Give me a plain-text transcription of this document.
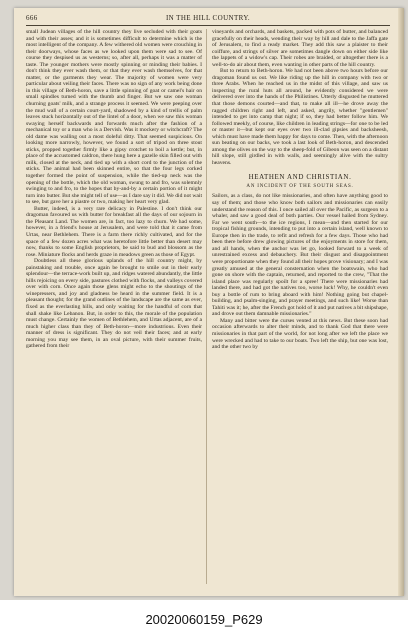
666	IN THE HILL COUNTRY.

small Judean villages of the hill country they live secluded with their goats and with their asses; and it is sometimes difficult to determine which is the most intelligent of the company. A few withered old women were crouching in their doorways, whose faces as we looked upon them were sad to see. Of course they despised us as westerns; so, after all, perhaps it was a matter of taste. The younger mothers were mostly spinning or minding their babies. I don't think they ever wash them, or that they ever wash themselves, for that matter, or the garments they wear. The majority of women were very particular about veiling their faces. There was no sign of any work being done in this village of Beth-horon, save a little spinning of goat or camel's hair on small spindles turned with the thumb and finger. But we saw one woman churning goats' milk, and a strange process it seemed. We were peeping over the mud wall of a certain court-yard, shadowed by a kind of trellis of palm leaves stuck horizontally out of the lintel of a door, when we saw this woman swaying herself backwards and forwards much after the fashion of a mechanical toy or a man who is a Dervish. Was it mockery or witchcraft? The old dame was walling out a most doleful ditty. That seemed suspicious. On looking more narrowly, however, we found a sort of tripod on three stout sticks, propped together firmly like a gipsy crotchet to boil a kettle; but, in place of the accustomed caldron, there hung here a gazelle skin filled out with milk, closed at the neck, and tied up with a short cord to the junction of the sticks. The animal had been skinned entire, so that the four legs corked together formed the point of suspension, while the tied-up neck was the opening of the bottle, which the old woman, swung to and fro, was solemnly swinging to and fro, to the hopes that by-and-by a certain portion of it might turn into butter. But she might tell of use—as I dare say it did. We did not wait to see, but gave her a piastre or two, making her heart very glad.

Butter, indeed, is a very rare delicacy in Palestine. I don't think our dragoman favoured us with butter for breakfast all the days of our sojourn in the Pleasant Land. The women are, in fact, too lazy to churn. We had some, however, in a friend's house at Jerusalem, and were told that it came from Urtas, near Bethlehem. There is a farm there richly cultivated, and for the space of a few dozen acres what was heretofore little better than desert may now, thanks to some English proprietors, be said to bud and blossom as the rose. Miniature flocks and herds graze in meadows green as those of Egypt.

Doubtless all these glorious uplands of the hill country might, by painstaking and trouble, once again be brought to smile out in their early splendour—the terrace-work built up, and ridges watered abundantly, the little hills rejoicing on every side, pastures clothed with flocks, and valleys covered over with corn. Once again those glens might echo to the shoutings of the winepressers, and joy and gladness be heard in the summer field. It is a pleasant thought; for the grand outlines of the landscape are the same as ever, fixed as the everlasting hills, and only waiting for the handful of corn that shall shake like Lebanon. But, in order to this, the morale of the population must change. Certainly the women of Bethlehem, and Urtas adjacent, are of a much higher class than they of Beth-horon—more industrious. Even their manner of dress is significant. They do not veil their faces; and at early morning you may see them, in an oval picture, with their summer fruits, gathered from their

vineyards and orchards, and baskets, packed with pots of butter, and balanced gracefully on their heads, wending their way by hill and dale to the Jaffa gate of Jerusalem, to find a ready market. They add this saw a plaister to their coiffure, and strings of silver are sometimes dangle down on either side like the lappets of a widow's cap. Their robes are braided, or altogether there is a well-to-do air about them, even wanting in other parts of the hill country.

But to return to Beth-horon. We had not been above two hours before our dragoman found us out. We like riding up the hill in company with two or three Arabs. When he reached us in the midst of this village, and saw us inspecting the rural huts all around, he evidently considered we were delivered over into the hands of the Philistines. Utterly disgusted he muttered that those demons courted—and that, to make all ill—he drove away the ragged children right and left, and asked, angrily, whether "gentlemen" intended to get into camp that night; if so, they had better follow him. We followed meekly, of course, like children in leading strings—for one to be led or master it—but kept our eyes over two ill-clad gipsies and backsheesh, which must have made them happy for days to come. Then, with the afternoon sun beating on our backs, we took a last look of Beth-horon, and descended among the olives on the way to the sheep-fold of Gibeon was seen on a distant hill slope, still girdled in with walls, and seemingly alive with the sultry heavens.

HEATHEN AND CHRISTIAN.
AN INCIDENT OF THE SOUTH SEAS.

Sailors, as a class, do not like missionaries, and often have anything good to say of them; and those who know both sailors and missionaries can easily understand the reason of this. I once sailed all over the Pacific, as surgeon to a whaler, and saw a good deal of both parties. Our vessel hailed from Sydney. Far we went south—to the ice regions, I mean—and then started for our tropical fishing grounds, intending to put into a certain island, well known to Europe then in the trade, to refit and refresh for a few days. Those who had been there before drew glowing pictures of the enjoyments in store for them, and all hands, when the anchor was let go, looked forward to a week of unrestrained excess and debauchery. But their disgust and disappointment were proportionate when they found all their hopes prove visionary; and I was greatly amused at the general consternation when the boatswain, who had gone on shore with the captain, returned, and reported to the crew, "That the island place was regularly spoilt for a spree! There were missionaries had landed there, and had got the natives too, worse luck! Why, he couldn't even buy a bottle of rum to bring aboard with him! Nothing going but chapel-building, and psalm-singing, and prayer meetings, and such like! Worse than Tahiti was it; he, after the French got hold of it and put natives a bit shipshape, and drove out them damnable missionaries."

Many and bitter were the curses vented at this news. But these soon had occasion afterwards to alter their minds, and to thank God that there were missionaries in that part of the world, for not long after we left the place we were wrecked and had to take to our boats. Two left the ship, but one was lost, and the other two by

20020060159_P629
